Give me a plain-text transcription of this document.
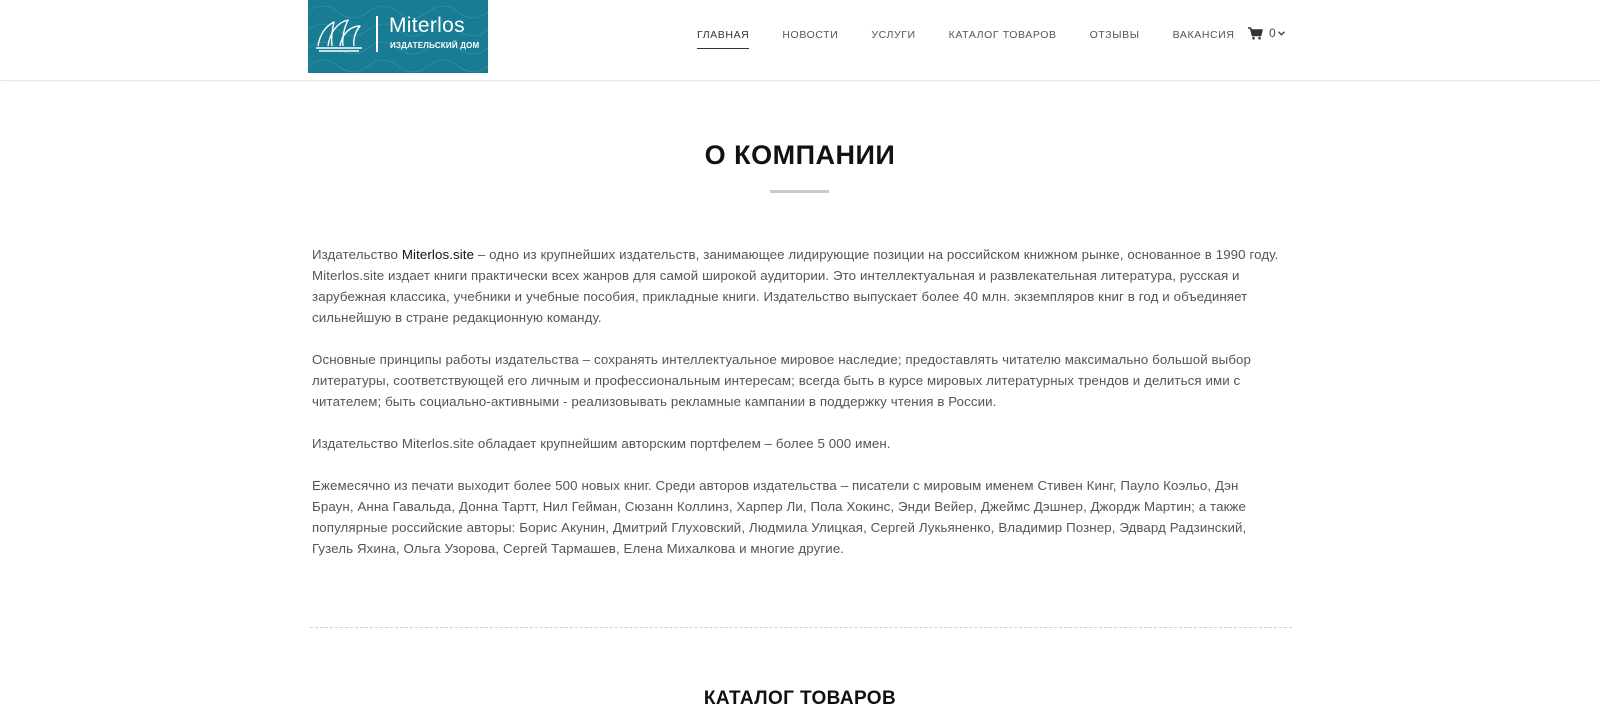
Miterlos
ИЗДАТЕЛЬСКИЙ ДОМ
ГЛАВНАЯ	НОВОСТИ	УСЛУГИ	КАТАЛОГ ТОВАРОВ	ОТЗЫВЫ	ВАКАНСИЯ	0
О КОМПАНИИ

Издательство Miterlos.site – одно из крупнейших издательств, занимающее лидирующие позиции на российском книжном рынке, основанное в 1990 году. Miterlos.site издает книги практически всех жанров для самой широкой аудитории. Это интеллектуальная и развлекательная литература, русская и зарубежная классика, учебники и учебные пособия, прикладные книги. Издательство выпускает более 40 млн. экземпляров книг в год и объединяет сильнейшую в стране редакционную команду.

Основные принципы работы издательства – сохранять интеллектуальное мировое наследие; предоставлять читателю максимально большой выбор литературы, соответствующей его личным и профессиональным интересам; всегда быть в курсе мировых литературных трендов и делиться ими с читателем; быть социально-активными - реализовывать рекламные кампании в поддержку чтения в России.

Издательство Miterlos.site обладает крупнейшим авторским портфелем – более 5 000 имен.

Ежемесячно из печати выходит более 500 новых книг. Среди авторов издательства – писатели с мировым именем Стивен Кинг, Пауло Коэльо, Дэн Браун, Анна Гавальда, Донна Тартт, Нил Гейман, Сюзанн Коллинз, Харпер Ли, Пола Хокинс, Энди Вейер, Джеймс Дэшнер, Джордж Мартин; а также популярные российские авторы: Борис Акунин, Дмитрий Глуховский, Людмила Улицкая, Сергей Лукьяненко, Владимир Познер, Эдвард Радзинский, Гузель Яхина, Ольга Узорова, Сергей Тармашев, Елена Михалкова и многие другие.

КАТАЛОГ ТОВАРОВ
